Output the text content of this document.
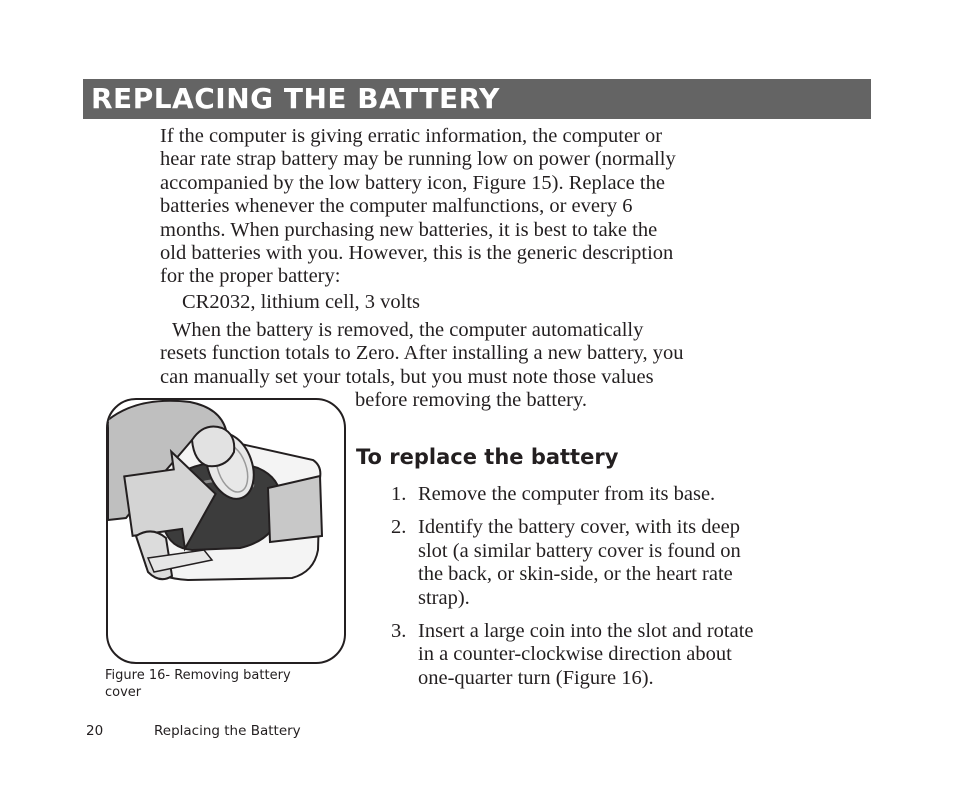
REPLACING THE BATTERY

If the computer is giving erratic information, the computer or
hear rate strap battery may be running low on power (normally
accompanied by the low battery icon, Figure 15). Replace the
batteries whenever the computer malfunctions, or every 6
months. When purchasing new batteries, it is best to take the
old batteries with you. However, this is the generic description
for the proper battery:

CR2032, lithium cell, 3 volts

When the battery is removed, the computer automatically
resets function totals to Zero. After installing a new battery, you
can manually set your totals, but you must note those values
before removing the battery.

Figure 16- Removing battery
cover

To replace the battery
1. Remove the computer from its base.
2. Identify the battery cover, with its deep
slot (a similar battery cover is found on
the back, or skin-side, or the heart rate
strap).
3. Insert a large coin into the slot and rotate
in a counter-clockwise direction about
one-quarter turn (Figure 16).

20	Replacing the Battery
